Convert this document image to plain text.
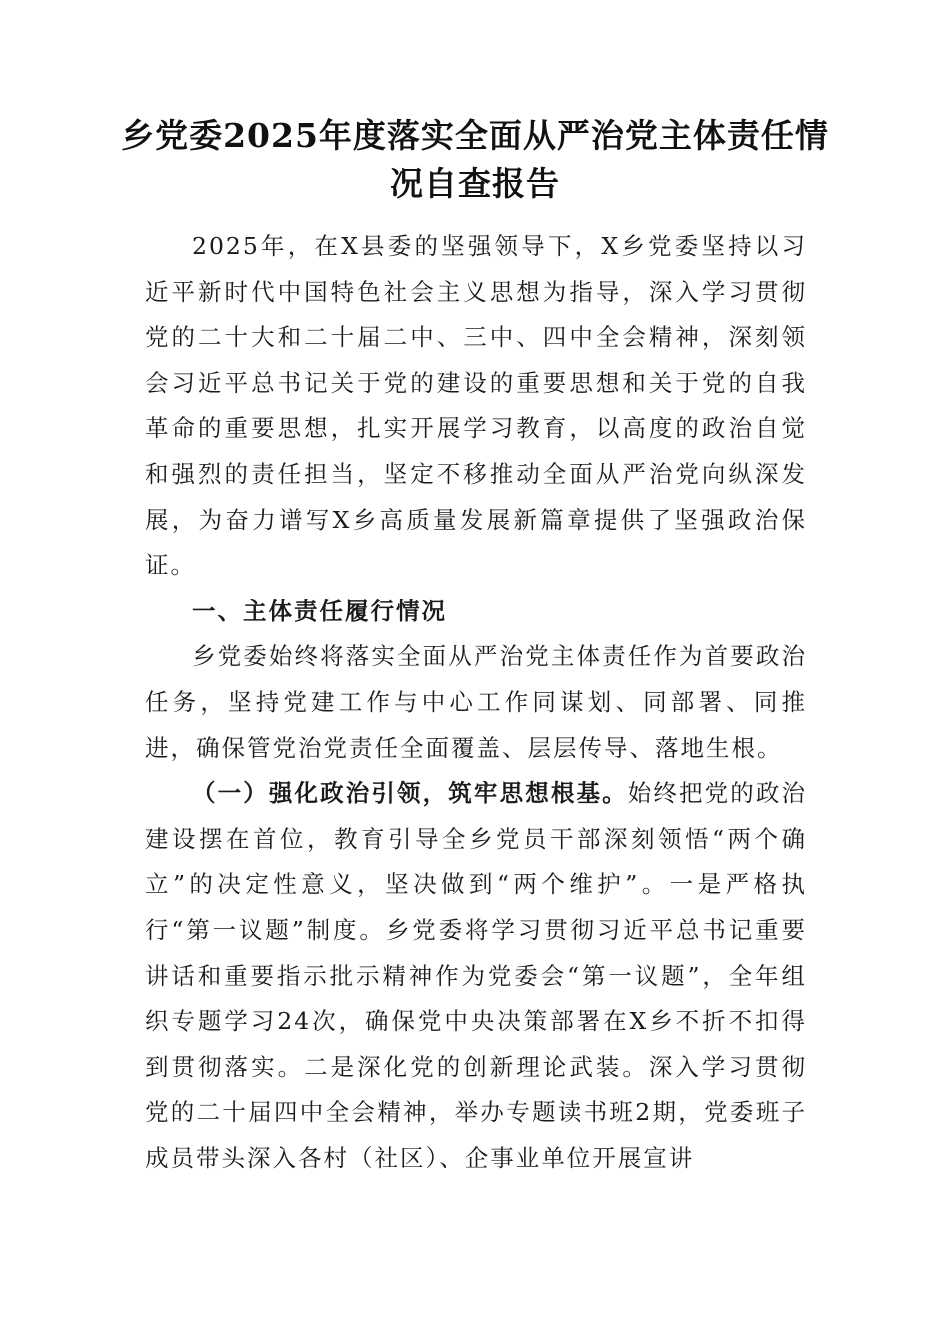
乡党委2025年度落实全面从严治党主体责任情况自查报告

2025年，在X县委的坚强领导下，X乡党委坚持以习近平新时代中国特色社会主义思想为指导，深入学习贯彻党的二十大和二十届二中、三中、四中全会精神，深刻领会习近平总书记关于党的建设的重要思想和关于党的自我革命的重要思想，扎实开展学习教育，以高度的政治自觉和强烈的责任担当，坚定不移推动全面从严治党向纵深发展，为奋力谱写X乡高质量发展新篇章提供了坚强政治保证。

一、主体责任履行情况

乡党委始终将落实全面从严治党主体责任作为首要政治任务，坚持党建工作与中心工作同谋划、同部署、同推进，确保管党治党责任全面覆盖、层层传导、落地生根。

（一）强化政治引领，筑牢思想根基。始终把党的政治建设摆在首位，教育引导全乡党员干部深刻领悟“两个确立”的决定性意义，坚决做到“两个维护”。一是严格执行“第一议题”制度。乡党委将学习贯彻习近平总书记重要讲话和重要指示批示精神作为党委会“第一议题”，全年组织专题学习24次，确保党中央决策部署在X乡不折不扣得到贯彻落实。二是深化党的创新理论武装。深入学习贯彻党的二十届四中全会精神，举办专题读书班2期，党委班子成员带头深入各村（社区）、企事业单位开展宣讲
